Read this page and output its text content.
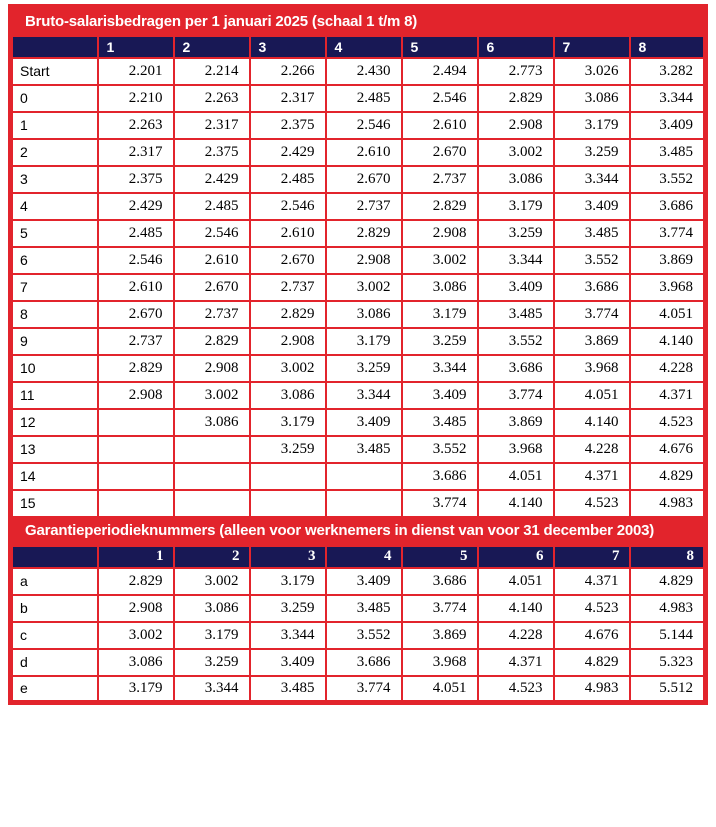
Bruto-salarisbedragen per 1 januari 2025 (schaal 1 t/m 8)								
	1	2	3	4	5	6	7	8
Start	2.201	2.214	2.266	2.430	2.494	2.773	3.026	3.282
0	2.210	2.263	2.317	2.485	2.546	2.829	3.086	3.344
1	2.263	2.317	2.375	2.546	2.610	2.908	3.179	3.409
2	2.317	2.375	2.429	2.610	2.670	3.002	3.259	3.485
3	2.375	2.429	2.485	2.670	2.737	3.086	3.344	3.552
4	2.429	2.485	2.546	2.737	2.829	3.179	3.409	3.686
5	2.485	2.546	2.610	2.829	2.908	3.259	3.485	3.774
6	2.546	2.610	2.670	2.908	3.002	3.344	3.552	3.869
7	2.610	2.670	2.737	3.002	3.086	3.409	3.686	3.968
8	2.670	2.737	2.829	3.086	3.179	3.485	3.774	4.051
9	2.737	2.829	2.908	3.179	3.259	3.552	3.869	4.140
10	2.829	2.908	3.002	3.259	3.344	3.686	3.968	4.228
11	2.908	3.002	3.086	3.344	3.409	3.774	4.051	4.371
12		3.086	3.179	3.409	3.485	3.869	4.140	4.523
13			3.259	3.485	3.552	3.968	4.228	4.676
14					3.686	4.051	4.371	4.829
15					3.774	4.140	4.523	4.983
Garantieperiodieknummers (alleen voor werknemers in dienst van voor 31 december 2003)								
	1	2	3	4	5	6	7	8
a	2.829	3.002	3.179	3.409	3.686	4.051	4.371	4.829
b	2.908	3.086	3.259	3.485	3.774	4.140	4.523	4.983
c	3.002	3.179	3.344	3.552	3.869	4.228	4.676	5.144
d	3.086	3.259	3.409	3.686	3.968	4.371	4.829	5.323
e	3.179	3.344	3.485	3.774	4.051	4.523	4.983	5.512
